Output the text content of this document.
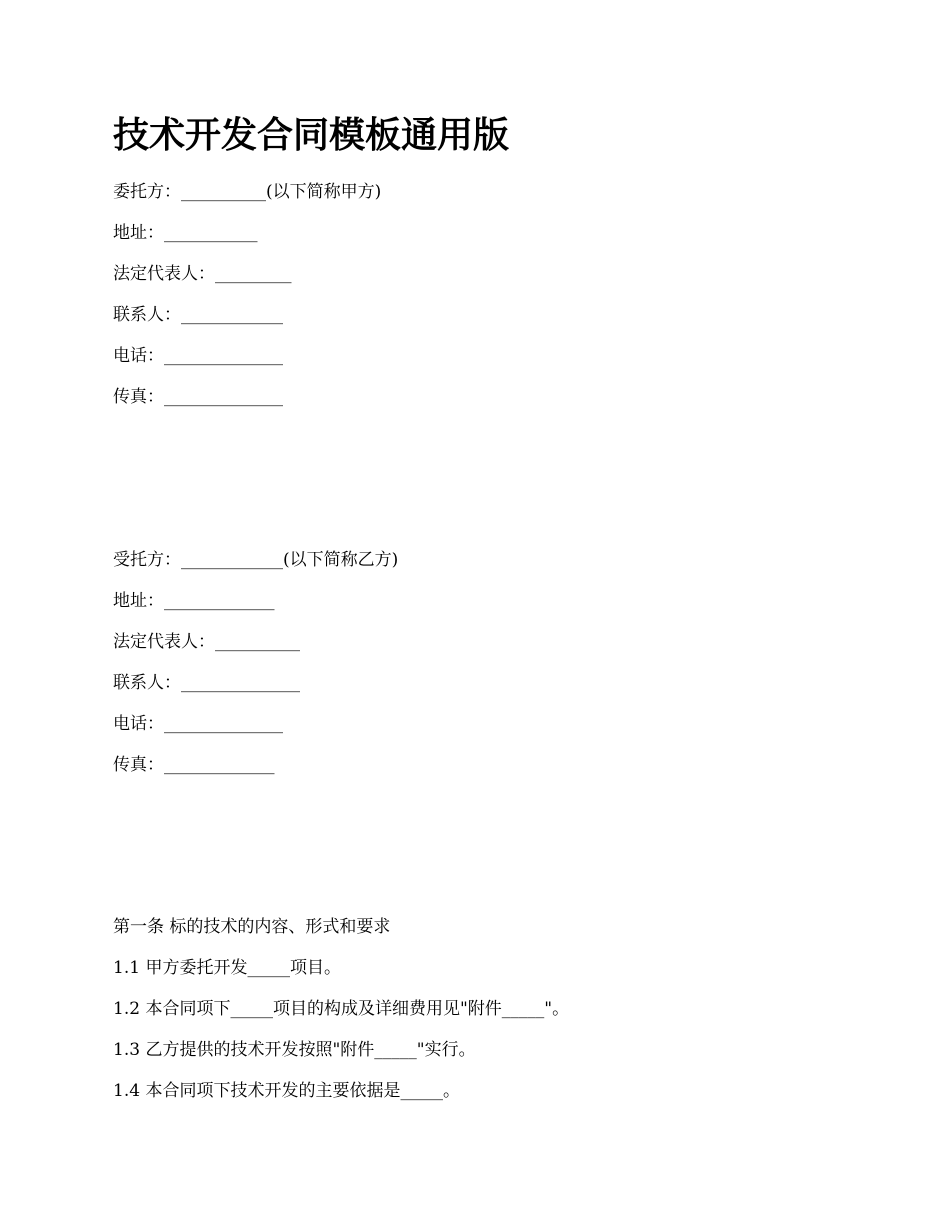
技术开发合同模板通用版

委托方：__________(以下简称甲方)

地址：___________

法定代表人：_________

联系人：____________

电话：______________

传真：______________

受托方：____________(以下简称乙方)

地址：_____________

法定代表人：__________

联系人：______________

电话：______________

传真：_____________

第一条 标的技术的内容、形式和要求

1.1 甲方委托开发_____项目。

1.2 本合同项下_____项目的构成及详细费用见"附件_____"。

1.3 乙方提供的技术开发按照"附件_____"实行。

1.4 本合同项下技术开发的主要依据是_____。
